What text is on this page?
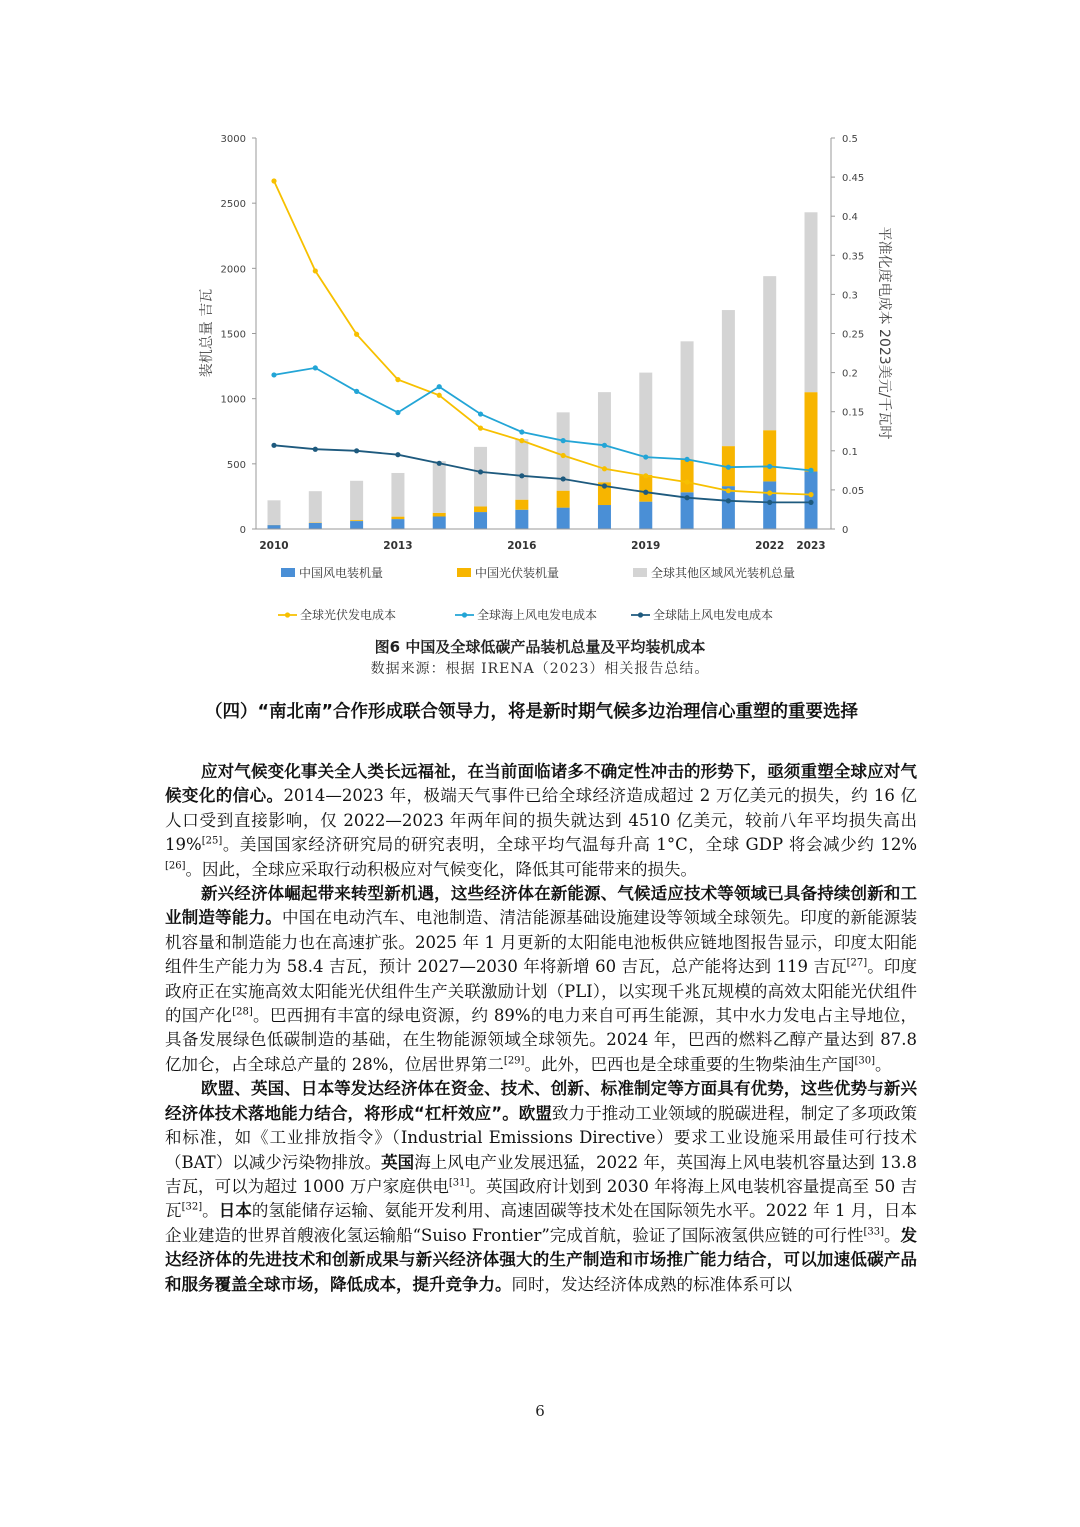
0
500
1000
1500
2000
2500
3000
0
0.05
0.1
0.15
0.2
0.25
0.3
0.35
0.4
0.45
0.5
2010	2013	2016	2019	2022 2023
装机总量 吉瓦	平准化度电成本 2023美元/千瓦时
中国风电装机量	中国光伏装机量	全球其他区域风光装机总量
全球光伏发电成本	全球海上风电发电成本	全球陆上风电发电成本
图6 中国及全球低碳产品装机总量及平均装机成本
数据来源：根据 IRENA（2023）相关报告总结。
（四）“南北南”合作形成联合领导力，将是新时期气候多边治理信心重塑的重要选择

应对气候变化事关全人类长远福祉，在当前面临诸多不确定性冲击的形势下，亟须重塑全球应对气候变化的信心。2014—2023 年，极端天气事件已给全球经济造成超过 2 万亿美元的损失，约 16 亿人口受到直接影响，仅 2022—2023 年两年间的损失就达到 4510 亿美元，较前八年平均损失高出 19%[25]。美国国家经济研究局的研究表明，全球平均气温每升高 1°C，全球 GDP 将会减少约 12%[26]。因此，全球应采取行动积极应对气候变化，降低其可能带来的损失。

新兴经济体崛起带来转型新机遇，这些经济体在新能源、气候适应技术等领域已具备持续创新和工业制造等能力。中国在电动汽车、电池制造、清洁能源基础设施建设等领域全球领先。印度的新能源装机容量和制造能力也在高速扩张。2025 年 1 月更新的太阳能电池板供应链地图报告显示，印度太阳能组件生产能力为 58.4 吉瓦，预计 2027—2030 年将新增 60 吉瓦，总产能将达到 119 吉瓦[27]。印度政府正在实施高效太阳能光伏组件生产关联激励计划（PLI），以实现千兆瓦规模的高效太阳能光伏组件的国产化[28]。巴西拥有丰富的绿电资源，约 89%的电力来自可再生能源，其中水力发电占主导地位，具备发展绿色低碳制造的基础，在生物能源领域全球领先。2024 年，巴西的燃料乙醇产量达到 87.8 亿加仑，占全球总产量的 28%，位居世界第二[29]。此外，巴西也是全球重要的生物柴油生产国[30]。

欧盟、英国、日本等发达经济体在资金、技术、创新、标准制定等方面具有优势，这些优势与新兴经济体技术落地能力结合，将形成“杠杆效应”。欧盟致力于推动工业领域的脱碳进程，制定了多项政策和标准，如《工业排放指令》（Industrial Emissions Directive）要求工业设施采用最佳可行技术（BAT）以减少污染物排放。英国海上风电产业发展迅猛，2022 年，英国海上风电装机容量达到 13.8 吉瓦，可以为超过 1000 万户家庭供电[31]。英国政府计划到 2030 年将海上风电装机容量提高至 50 吉瓦[32]。日本的氢能储存运输、氨能开发利用、高速固碳等技术处在国际领先水平。2022 年 1 月，日本企业建造的世界首艘液化氢运输船“Suiso Frontier”完成首航，验证了国际液氢供应链的可行性[33]。发达经济体的先进技术和创新成果与新兴经济体强大的生产制造和市场推广能力结合，可以加速低碳产品和服务覆盖全球市场，降低成本，提升竞争力。同时，发达经济体成熟的标准体系可以

6
